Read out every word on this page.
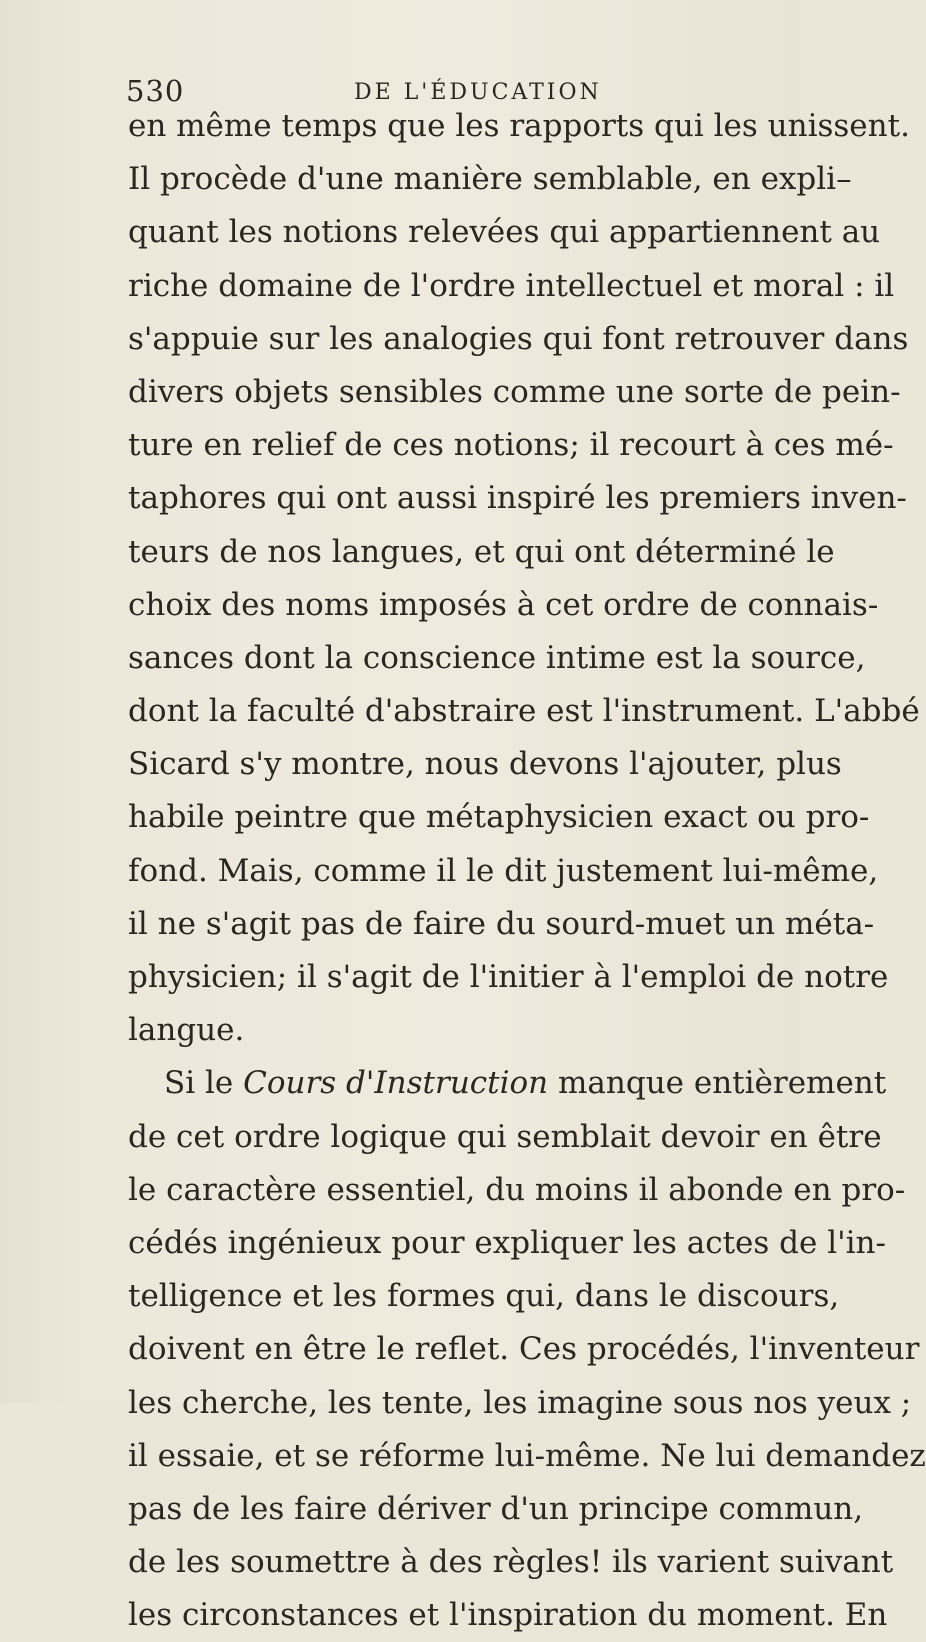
530	DE L'ÉDUCATION
en même temps que les rapports qui les unissent.
Il procède d'une manière semblable, en expli–
quant les notions relevées qui appartiennent au
riche domaine de l'ordre intellectuel et moral : il
s'appuie sur les analogies qui font retrouver dans
divers objets sensibles comme une sorte de pein-
ture en relief de ces notions; il recourt à ces mé-
taphores qui ont aussi inspiré les premiers inven-
teurs de nos langues, et qui ont déterminé le
choix des noms imposés à cet ordre de connais-
sances dont la conscience intime est la source,
dont la faculté d'abstraire est l'instrument. L'abbé
Sicard s'y montre, nous devons l'ajouter, plus
habile peintre que métaphysicien exact ou pro-
fond. Mais, comme il le dit justement lui-même,
il ne s'agit pas de faire du sourd-muet un méta-
physicien; il s'agit de l'initier à l'emploi de notre
langue.
Si le Cours d'Instruction manque entièrement
de cet ordre logique qui semblait devoir en être
le caractère essentiel, du moins il abonde en pro-
cédés ingénieux pour expliquer les actes de l'in-
telligence et les formes qui, dans le discours,
doivent en être le reflet. Ces procédés, l'inventeur
les cherche, les tente, les imagine sous nos yeux ;
il essaie, et se réforme lui-même. Ne lui demandez
pas de les faire dériver d'un principe commun,
de les soumettre à des règles! ils varient suivant
les circonstances et l'inspiration du moment. En
